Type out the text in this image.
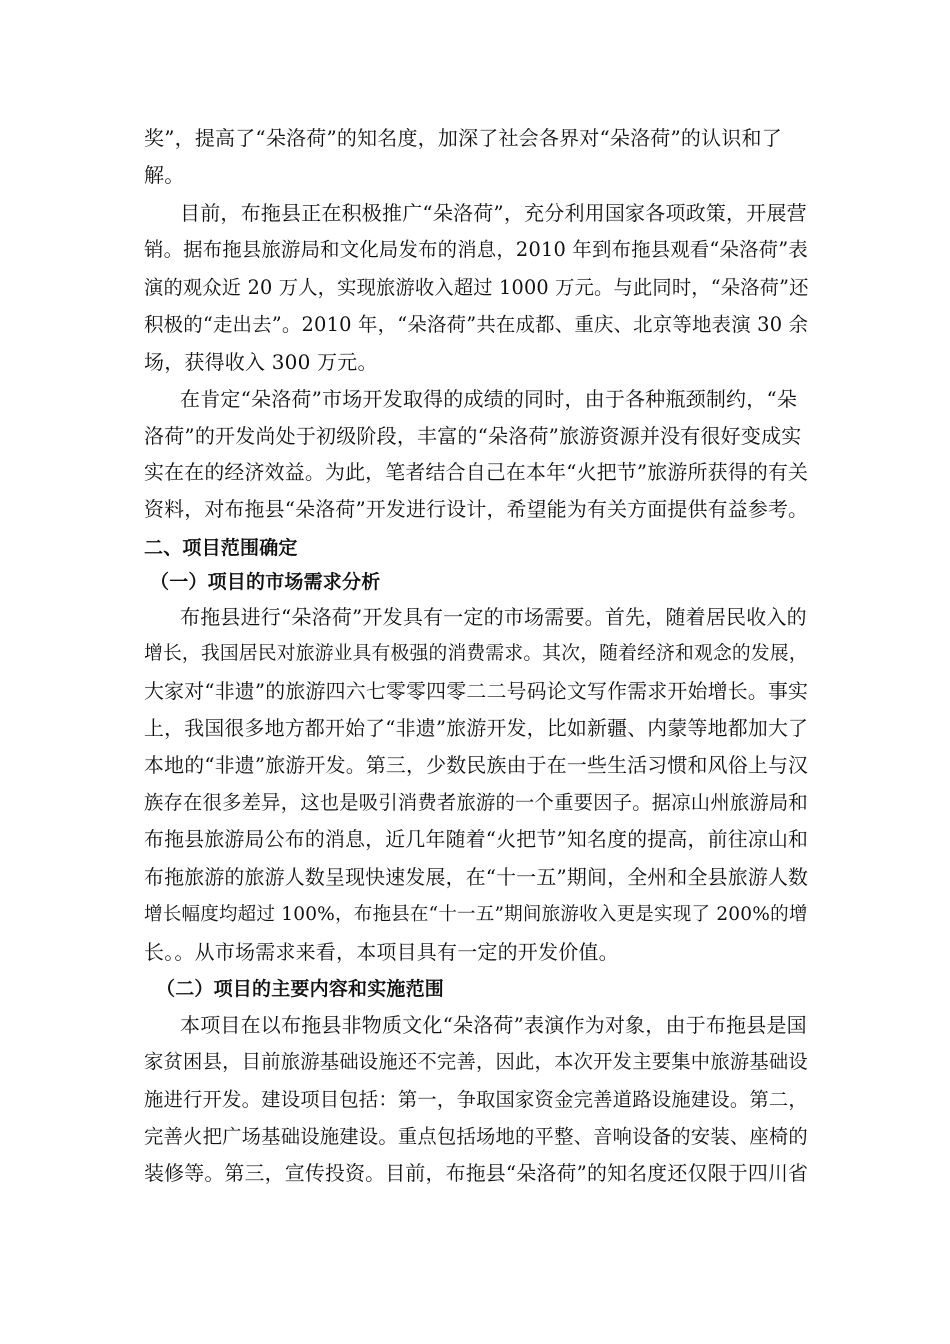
奖”，提高了“朵洛荷”的知名度，加深了社会各界对“朵洛荷”的认识和了
解。
目前，布拖县正在积极推广“朵洛荷”，充分利用国家各项政策，开展营
销。据布拖县旅游局和文化局发布的消息，2010 年到布拖县观看“朵洛荷”表
演的观众近 20 万人，实现旅游收入超过 1000 万元。与此同时，“朵洛荷”还
积极的“走出去”。2010 年，“朵洛荷”共在成都、重庆、北京等地表演 30 余
场，获得收入 300 万元。
在肯定“朵洛荷”市场开发取得的成绩的同时，由于各种瓶颈制约，“朵
洛荷”的开发尚处于初级阶段，丰富的“朵洛荷”旅游资源并没有很好变成实
实在在的经济效益。为此，笔者结合自己在本年“火把节”旅游所获得的有关
资料，对布拖县“朵洛荷”开发进行设计，希望能为有关方面提供有益参考。
二、项目范围确定
（一）项目的市场需求分析
布拖县进行“朵洛荷”开发具有一定的市场需要。首先，随着居民收入的
增长，我国居民对旅游业具有极强的消费需求。其次，随着经济和观念的发展，
大家对“非遗”的旅游四六七零零四零二二号码论文写作需求开始增长。事实
上，我国很多地方都开始了“非遗”旅游开发，比如新疆、内蒙等地都加大了
本地的“非遗”旅游开发。第三，少数民族由于在一些生活习惯和风俗上与汉
族存在很多差异，这也是吸引消费者旅游的一个重要因子。据凉山州旅游局和
布拖县旅游局公布的消息，近几年随着“火把节”知名度的提高，前往凉山和
布拖旅游的旅游人数呈现快速发展，在“十一五”期间，全州和全县旅游人数
增长幅度均超过 100%，布拖县在“十一五”期间旅游收入更是实现了 200%的增
长。。从市场需求来看，本项目具有一定的开发价值。
（二）项目的主要内容和实施范围
本项目在以布拖县非物质文化“朵洛荷”表演作为对象，由于布拖县是国
家贫困县，目前旅游基础设施还不完善，因此，本次开发主要集中旅游基础设
施进行开发。建设项目包括：第一，争取国家资金完善道路设施建设。第二，
完善火把广场基础设施建设。重点包括场地的平整、音响设备的安装、座椅的
装修等。第三，宣传投资。目前，布拖县“朵洛荷”的知名度还仅限于四川省
